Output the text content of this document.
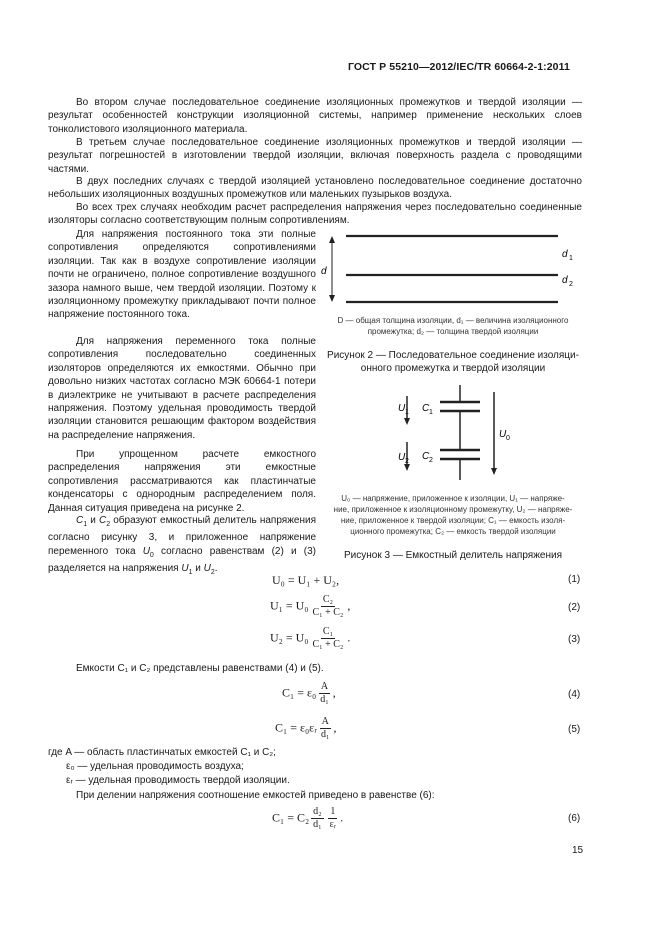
ГОСТ Р 55210—2012/IEC/TR 60664-2-1:2011
Во втором случае последовательное соединение изоляционных промежутков и твердой изоляции — результат особенностей конструкции изоляционной системы, например применение нескольких слоев тонколистового изоляционного материала.
В третьем случае последовательное соединение изоляционных промежутков и твердой изоляции — результат погрешностей в изготовлении твердой изоляции, включая поверхность раздела с проводящими частями.
В двух последних случаях с твердой изоляцией установлено последовательное соединение достаточно небольших изоляционных воздушных промежутков или маленьких пузырьков воздуха.
Во всех трех случаях необходим расчет распределения напряжения через последовательно соединенные изоляторы согласно соответствующим полным сопротивлениям.
Для напряжения постоянного тока эти полные сопротивления определяются сопротивлениями изоляции. Так как в воздухе сопротивление изоляции почти не ограничено, полное сопротивление воздушного зазора намного выше, чем твердой изоляции. Поэтому к изоляционному промежутку прикладывают почти полное напряжение постоянного тока.
Для напряжения переменного тока полные сопротивления последовательно соединенных изоляторов определяются их емкостями. Обычно при довольно низких частотах согласно МЭК 60664-1 потери в диэлектрике не учитывают в расчете распределения напряжения. Поэтому удельная проводимость твердой изоляции становится решающим фактором воздействия на распределение напряжения.
При упрощенном расчете емкостного распределения напряжения эти емкостные сопротивления рассматриваются как пластинчатые конденсаторы с однородным распределением поля. Данная ситуация приведена на рисунке 2.
$C_1$ и $C_2$ образуют емкостный делитель напряжения согласно рисунку 3, и приложенное напряжение переменного тока $U_0$ согласно равенствам (2) и (3) разделяется на напряжения $U_1$ и $U_2$.
d
d 1
d 2
D — общая толщина изоляции, d₁ — величина изоляционного
промежутка; d₂ — толщина твердой изоляции
Рисунок 2 — Последовательное соединение изоляци-
онного промежутка и твердой изоляции
U 1 C 1
U 2 C 2
U 0
U₀ — напряжение, приложенное к изоляции, U₁ — напряже-
ние, приложенное к изоляционному промежутку, U₂ — напряже-
ние, приложенное к твердой изоляции; C₁ — емкость изоля-
ционного промежутка; C₂ — емкость твердой изоляции
Рисунок 3 — Емкостный делитель напряжения
U₀ = U₁ + U₂,	(1)
$U_1 = U_0 \frac{\text{C₂}}{\text{C₁ + C₂}}$ ,	(2)
$U_2 = U_0 \frac{\text{C₁}}{\text{C₁ + C₂}}$ .	(3)
Емкости C₁ и C₂ представлены равенствами (4) и (5).
$C_1 = \varepsilon_0 \frac{A}{\text{d₁}}$ ,	(4)
C₁ = ε₀εᵣ $\frac{A}{\text{d₁}}$ ,	(5)
где A — область пластинчатых емкостей C₁ и C₂;
ε₀ — удельная проводимость воздуха;
εᵣ — удельная проводимость твердой изоляции.
При делении напряжения соотношение емкостей приведено в равенстве (6):
$C_1 = C_2 \frac{\text{d₂}}{\text{d₁}} \frac{1}{\text{εᵣ}}$ .	(6)
15
